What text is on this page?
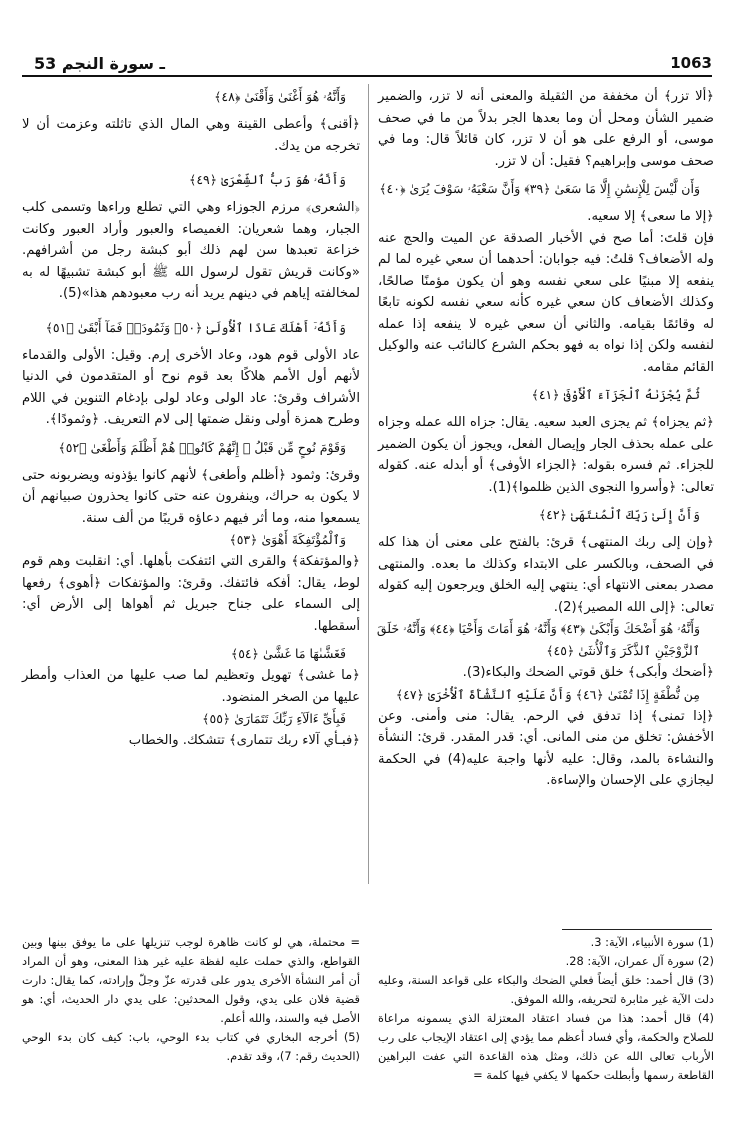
53 ـ سورة النجم	1063

﴿ألا تزر﴾ أن مخففة من الثقيلة والمعنى أنه لا تزر، والضمير ضمير الشأن ومحل أن وما بعدها الجر بدلاً من ما في صحف موسى، أو الرفع على هو أن لا تزر، كان قائلاً قال: وما في صحف موسى وإبراهيم؟ فقيل: أن لا تزر.

وَأَن لَّيْسَ لِلْإِنسَٰنِ إِلَّا مَا سَعَىٰ ﴿٣٩﴾ وَأَنَّ سَعْيَهُۥ سَوْفَ يُرَىٰ ﴿٤٠﴾

﴿إلا ما سعى﴾ إلا سعيه.

فإن قلتَ: أما صح في الأخبار الصدقة عن الميت والحج عنه وله الأضعاف؟ قلتُ: فيه جوابان: أحدهما أن سعي غيره لما لم ينفعه إلا مبنيًا على سعي نفسه وهو أن يكون مؤمنًا صالحًا، وكذلك الأضعاف كان سعي غيره كأنه سعي نفسه لكونه تابعًا له وقائمًا بقيامه. والثاني أن سعي غيره لا ينفعه إذا عمله لنفسه ولكن إذا نواه به فهو بحكم الشرع كالنائب عنه والوكيل القائم مقامه.

ثُمَّ يُجْزَىٰهُ ٱلْجَزَآءَ ٱلْأَوْفَىٰ ﴿٤١﴾

﴿ثم يجزاه﴾ ثم يجزى العبد سعيه. يقال: جزاه الله عمله وجزاه على عمله بحذف الجار وإيصال الفعل، ويجوز أن يكون الضمير للجزاء. ثم فسره بقوله: ﴿الجزاء الأوفى﴾ أو أبدله عنه. كقوله تعالى: ﴿وأسروا النجوى الذين ظلموا﴾(1).

وَأَنَّ إِلَىٰ رَبِّكَ ٱلْمُنتَهَىٰ ﴿٤٢﴾

﴿وإن إلى ربك المنتهى﴾ قرئ: بالفتح على معنى أن هذا كله في الصحف، وبالكسر على الابتداء وكذلك ما بعده. والمنتهى مصدر بمعنى الانتهاء أي: ينتهي إليه الخلق ويرجعون إليه كقوله تعالى: ﴿إلى الله المصير﴾(2).

وَأَنَّهُۥ هُوَ أَضْحَكَ وَأَبْكَىٰ ﴿٤٣﴾ وَأَنَّهُۥ هُوَ أَمَاتَ وَأَحْيَا ﴿٤٤﴾ وَأَنَّهُۥ خَلَقَ

ٱلزَّوْجَيْنِ ٱلذَّكَرَ وَٱلْأُنثَىٰ ﴿٤٥﴾

﴿أضحك وأبكى﴾ خلق قوتي الضحك والبكاء(3).

مِن نُّطْفَةٍ إِذَا تُمْنَىٰ ﴿٤٦﴾ وَأَنَّ عَلَيْهِ ٱلنَّشْأَةَ ٱلْأُخْرَىٰ ﴿٤٧﴾

﴿إذا تمنى﴾ إذا تدفق في الرحم. يقال: منى وأمنى. وعن الأخفش: تخلق من منى المانى. أي: قدر المقدر. قرئ: النشأة والنشاءة بالمد، وقال: عليه لأنها واجبة عليه(4) في الحكمة ليجازي على الإحسان والإساءة.

وَأَنَّهُۥ هُوَ أَغْنَىٰ وَأَقْنَىٰ ﴿٤٨﴾

﴿أقنى﴾ وأعطى القينة وهي المال الذي تاثلته وعزمت أن لا تخرجه من يدك.

وَأَنَّهُۥ هُوَ رَبُّ ٱلشِّعْرَىٰ ﴿٤٩﴾

﴿الشعرى﴾ مرزم الجوزاء وهي التي تطلع وراءها وتسمى كلب الجبار، وهما شعريان: الغميصاء والعبور وأراد العبور وكانت خزاعة تعبدها سن لهم ذلك أبو كبشة رجل من أشرافهم. «وكانت قريش تقول لرسول الله ﷺ أبو كبشة تشبيهًا له به لمخالفته إياهم في دينهم يريد أنه رب معبودهم هذا»(5).

وَأَنَّهُۥٓ أَهْلَكَ عَادًا ٱلْأُولَىٰ ﴿٥٠﴾ وَثَمُودَا۟ فَمَآ أَبْقَىٰ ﴿٥١﴾

عاد الأولى قوم هود، وعاد الأخرى إرم. وقيل: الأولى والقدماء لأنهم أول الأمم هلاكًا بعد قوم نوح أو المتقدمون في الدنيا الأشراف وقرئ: عاد الولى وعاد لولى بإدغام التنوين في اللام وطرح همزة أولى ونقل ضمتها إلى لام التعريف. ﴿وثمودًا﴾.

وَقَوْمَ نُوحٍ مِّن قَبْلُ ۖ إِنَّهُمْ كَانُوا۟ هُمْ أَظْلَمَ وَأَطْغَىٰ ﴿٥٢﴾

وقرئ: وثمود ﴿أظلم وأطغى﴾ لأنهم كانوا يؤذونه ويضربونه حتى لا يكون به حراك، وينفرون عنه حتى كانوا يحذرون صبيانهم أن يسمعوا منه، وما أثر فيهم دعاؤه قريبًا من ألف سنة.

وَٱلْمُؤْتَفِكَةَ أَهْوَىٰ ﴿٥٣﴾

﴿والمؤتفكة﴾ والقرى التي ائتفكت بأهلها. أي: انقلبت وهم قوم لوط، يقال: أفكه فائتفك. وقرئ: والمؤتفكات ﴿أهوى﴾ رفعها إلى السماء على جناح جبريل ثم أهواها إلى الأرض أي: أسقطها.

فَغَشَّىٰهَا مَا غَشَّىٰ ﴿٥٤﴾

﴿ما غشى﴾ تهويل وتعظيم لما صب عليها من العذاب وأمطر عليها من الصخر المنضود.

فَبِأَىِّ ءَالَآءِ رَبِّكَ تَتَمَارَىٰ ﴿٥٥﴾

﴿فبـأي آلاء ربك تتمارى﴾ تتشكك. والخطاب

(1) سورة الأنبياء، الآية: 3.

(2) سورة آل عمران، الآية: 28.

(3) قال أحمد: خلق أيضاً فعلي الضحك والبكاء على قواعد السنة، وعليه دلت الآية غير مثابرة لتحريفه، والله الموفق.

(4) قال أحمد: هذا من فساد اعتقاد المعتزلة الذي يسمونه مراعاة للصلاح والحكمة، وأي فساد أعظم مما يؤدي إلى اعتقاد الإيجاب على رب الأرباب تعالى الله عن ذلك، ومثل هذه القاعدة التي عفت البراهين القاطعة رسمها وأبطلت حكمها لا يكفي فيها كلمة =

= محتملة، هي لو كانت ظاهرة لوجب تنزيلها على ما يوفق بينها وبين القواطع، والذي حملت عليه لفظة عليه غير هذا المعنى، وهو أن المراد أن أمر النشأة الأخرى يدور على قدرته عزّ وجلّ وإرادته، كما يقال: دارت قضية فلان على يدي، وقول المحدثين: على يدي دار الحديث، أي: هو الأصل فيه والسند، والله أعلم.

(5) أخرجه البخاري في كتاب بدء الوحي، باب: كيف كان بدء الوحي (الحديث رقم: 7)، وقد تقدم.
